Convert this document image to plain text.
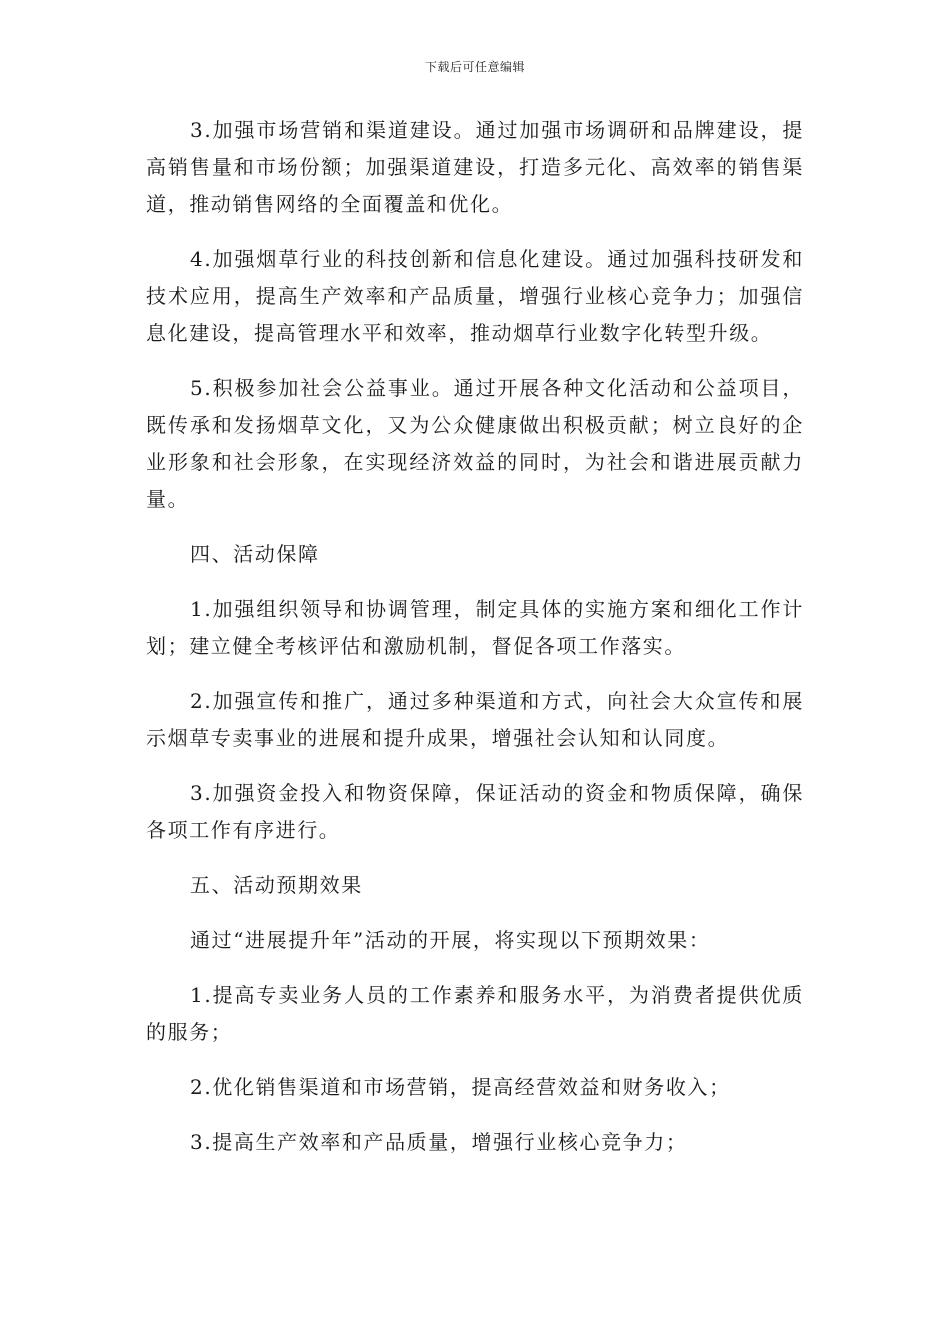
下载后可任意编辑

3.加强市场营销和渠道建设。通过加强市场调研和品牌建设，提高销售量和市场份额；加强渠道建设，打造多元化、高效率的销售渠道，推动销售网络的全面覆盖和优化。

4.加强烟草行业的科技创新和信息化建设。通过加强科技研发和技术应用，提高生产效率和产品质量，增强行业核心竞争力；加强信息化建设，提高管理水平和效率，推动烟草行业数字化转型升级。

5.积极参加社会公益事业。通过开展各种文化活动和公益项目，既传承和发扬烟草文化，又为公众健康做出积极贡献；树立良好的企业形象和社会形象，在实现经济效益的同时，为社会和谐进展贡献力量。

四、活动保障

1.加强组织领导和协调管理，制定具体的实施方案和细化工作计划；建立健全考核评估和激励机制，督促各项工作落实。

2.加强宣传和推广，通过多种渠道和方式，向社会大众宣传和展示烟草专卖事业的进展和提升成果，增强社会认知和认同度。

3.加强资金投入和物资保障，保证活动的资金和物质保障，确保各项工作有序进行。

五、活动预期效果

通过“进展提升年”活动的开展，将实现以下预期效果：

1.提高专卖业务人员的工作素养和服务水平，为消费者提供优质的服务；

2.优化销售渠道和市场营销，提高经营效益和财务收入；

3.提高生产效率和产品质量，增强行业核心竞争力；
